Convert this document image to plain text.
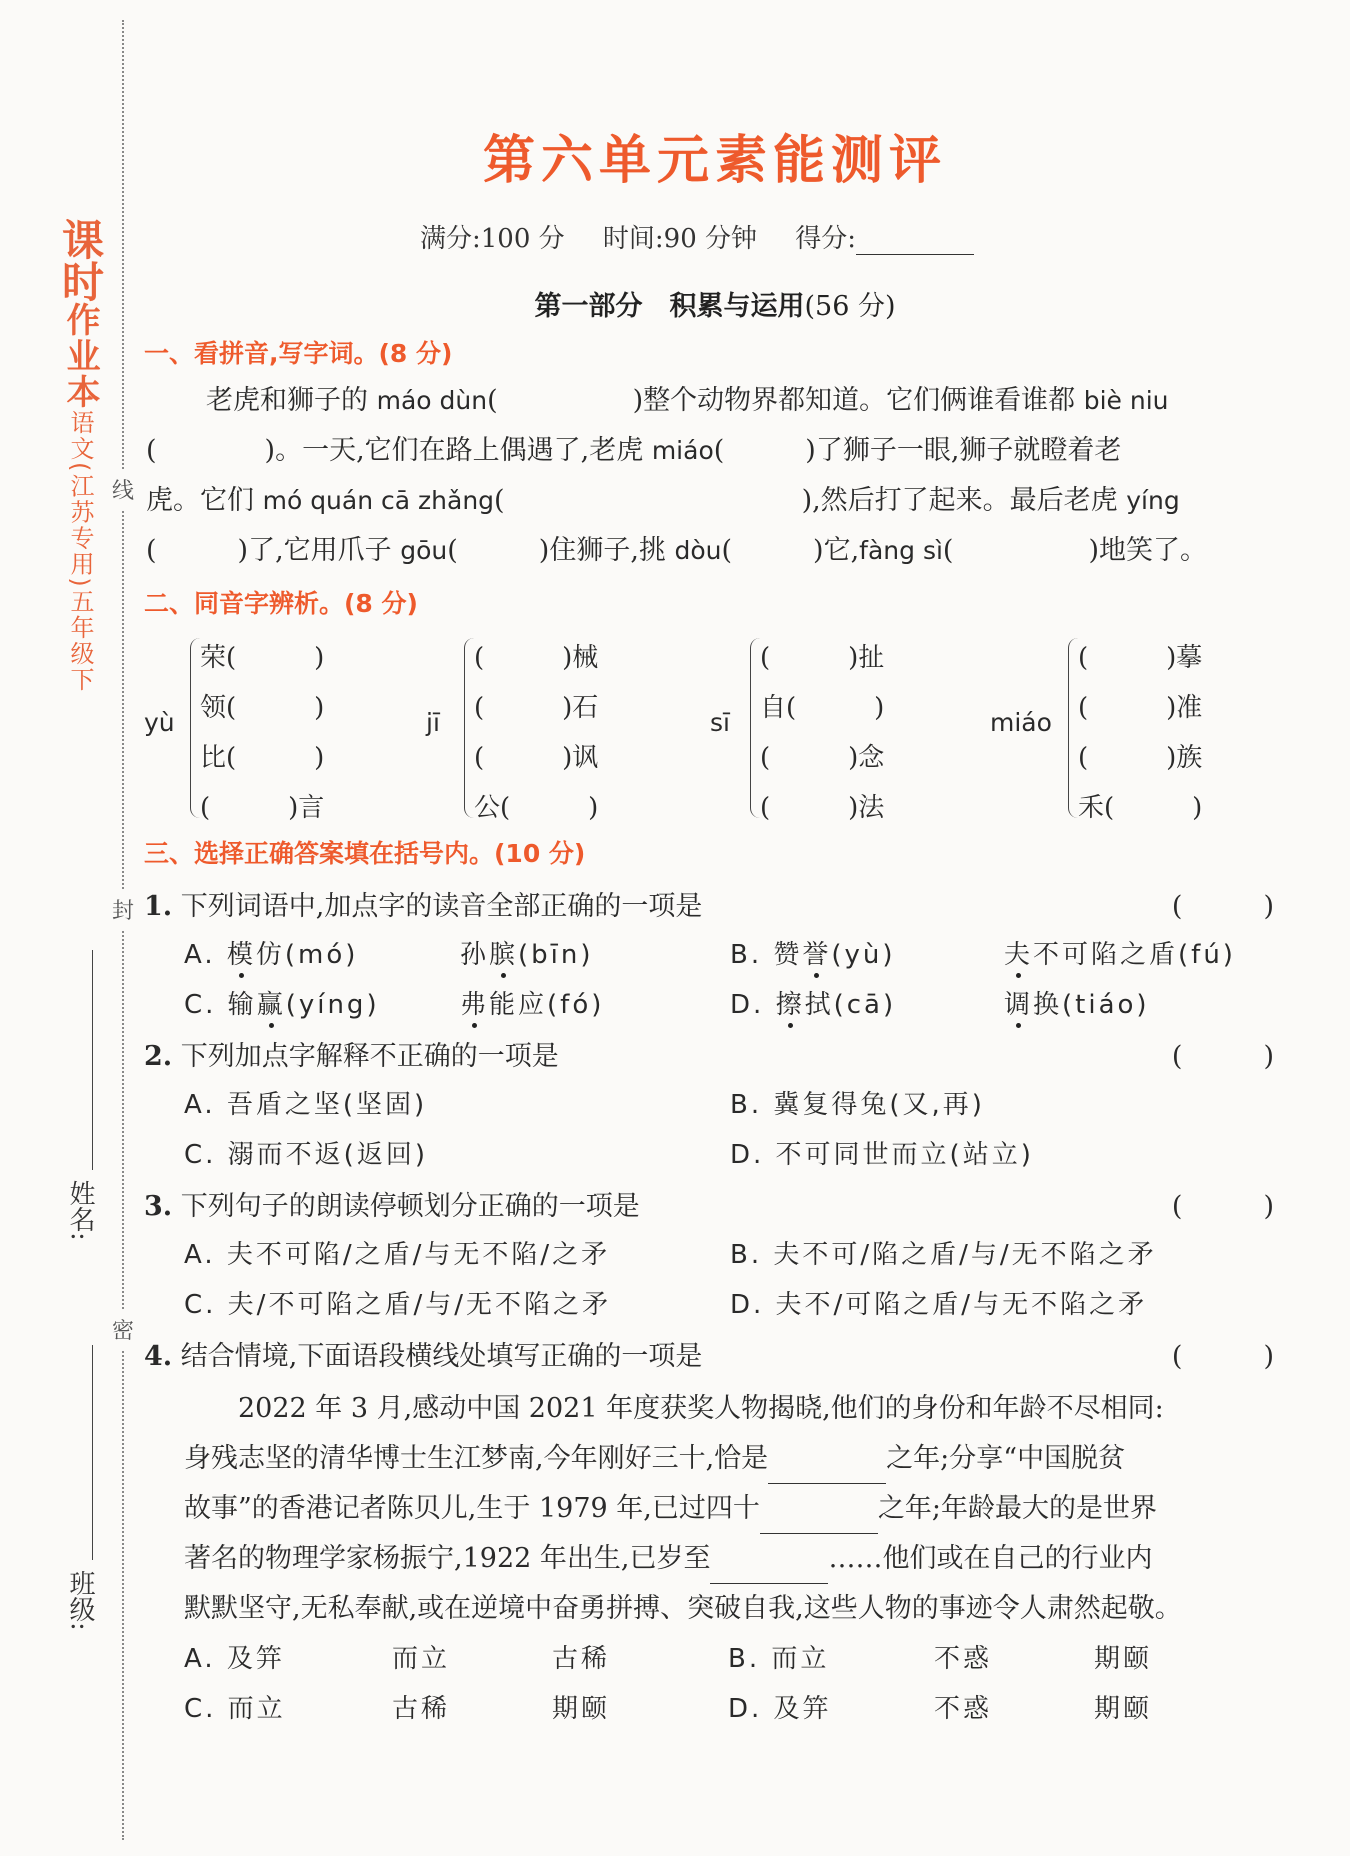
线
封
密
课时作业本语文(江苏专用)五年级下
姓名:
班级:
第六单元素能测评
满分:100 分 时间:90 分钟 得分:
第一部分　积累与运用(56 分)
一、看拼音,写字词。(8 分)
老虎和狮子的 máo dùn(　　　　　)整个动物界都知道。它们俩谁看谁都 biè niu
(　　　　)。一天,它们在路上偶遇了,老虎 miáo(　　　)了狮子一眼,狮子就瞪着老
虎。它们 mó quán cā zhǎng(　　　　　　　　　　　),然后打了起来。最后老虎 yíng
(　　　)了,它用爪子 gōu(　　　)住狮子,挑 dòu(　　　)它,fàng sì(　　　　　)地笑了。
二、同音字辨析。(8 分)
yù
荣(　　　)
领(　　　)
比(　　　)
(　　　)言
jī
(　　　)械
(　　　)石
(　　　)讽
公(　　　)
sī
(　　　)扯
自(　　　)
(　　　)念
(　　　)法
miáo
(　　　)摹
(　　　)准
(　　　)族
禾(　　　)
三、选择正确答案填在括号内。(10 分)
1. 下列词语中,加点字的读音全部正确的一项是	(　　　)
A. 模仿(mó)	孙膑(bīn)	B. 赞誉(yù)	夫不可陷之盾(fú)
C. 输赢(yíng)	弗能应(fó)	D. 擦拭(cā)	调换(tiáo)
2. 下列加点字解释不正确的一项是	(　　　)
A. 吾盾之坚(坚固)	B. 冀复得兔(又,再)
C. 溺而不返(返回)	D. 不可同世而立(站立)
3. 下列句子的朗读停顿划分正确的一项是	(　　　)
A. 夫不可陷/之盾/与无不陷/之矛	B. 夫不可/陷之盾/与/无不陷之矛
C. 夫/不可陷之盾/与/无不陷之矛	D. 夫不/可陷之盾/与无不陷之矛
4. 结合情境,下面语段横线处填写正确的一项是	(　　　)
　　2022 年 3 月,感动中国 2021 年度获奖人物揭晓,他们的身份和年龄不尽相同:
身残志坚的清华博士生江梦南,今年刚好三十,恰是	之年;分享“中国脱贫
故事”的香港记者陈贝儿,生于 1979 年,已过四十	之年;年龄最大的是世界
著名的物理学家杨振宁,1922 年出生,已岁至	……他们或在自己的行业内
默默坚守,无私奉献,或在逆境中奋勇拼搏、突破自我,这些人物的事迹令人肃然起敬。
A. 及笄	而立	古稀	B. 而立	不惑	期颐
C. 而立	古稀	期颐	D. 及笄	不惑	期颐
